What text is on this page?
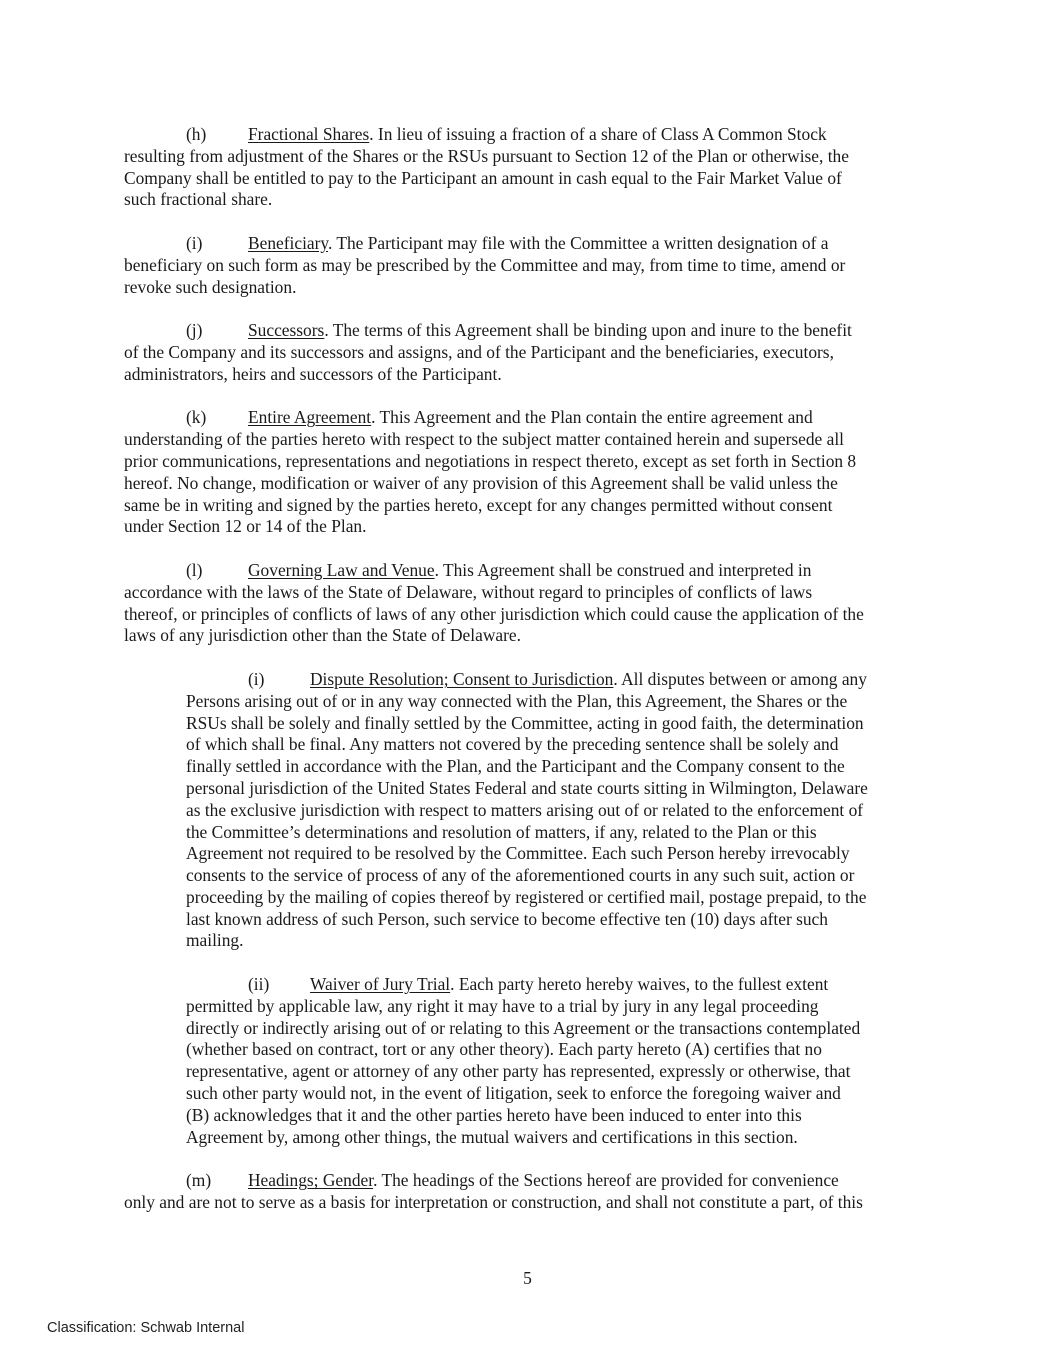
(h) Fractional Shares. In lieu of issuing a fraction of a share of Class A Common Stock
resulting from adjustment of the Shares or the RSUs pursuant to Section 12 of the Plan or otherwise, the
Company shall be entitled to pay to the Participant an amount in cash equal to the Fair Market Value of
such fractional share.

(i)	Beneficiary. The Participant may file with the Committee a written designation of a
beneficiary on such form as may be prescribed by the Committee and may, from time to time, amend or
revoke such designation.

(j)	Successors. The terms of this Agreement shall be binding upon and inure to the benefit
of the Company and its successors and assigns, and of the Participant and the beneficiaries, executors,
administrators, heirs and successors of the Participant.

(k) Entire Agreement. This Agreement and the Plan contain the entire agreement and
understanding of the parties hereto with respect to the subject matter contained herein and supersede all
prior communications, representations and negotiations in respect thereto, except as set forth in Section 8
hereof. No change, modification or waiver of any provision of this Agreement shall be valid unless the
same be in writing and signed by the parties hereto, except for any changes permitted without consent
under Section 12 or 14 of the Plan.

(l)	Governing Law and Venue. This Agreement shall be construed and interpreted in
accordance with the laws of the State of Delaware, without regard to principles of conflicts of laws
thereof, or principles of conflicts of laws of any other jurisdiction which could cause the application of the
laws of any jurisdiction other than the State of Delaware.

(i)	Dispute Resolution; Consent to Jurisdiction. All disputes between or among any
Persons arising out of or in any way connected with the Plan, this Agreement, the Shares or the
RSUs shall be solely and finally settled by the Committee, acting in good faith, the determination
of which shall be final. Any matters not covered by the preceding sentence shall be solely and
finally settled in accordance with the Plan, and the Participant and the Company consent to the
personal jurisdiction of the United States Federal and state courts sitting in Wilmington, Delaware
as the exclusive jurisdiction with respect to matters arising out of or related to the enforcement of
the Committee’s determinations and resolution of matters, if any, related to the Plan or this
Agreement not required to be resolved by the Committee. Each such Person hereby irrevocably
consents to the service of process of any of the aforementioned courts in any such suit, action or
proceeding by the mailing of copies thereof by registered or certified mail, postage prepaid, to the
last known address of such Person, such service to become effective ten (10) days after such
mailing.

(ii) Waiver of Jury Trial. Each party hereto hereby waives, to the fullest extent
permitted by applicable law, any right it may have to a trial by jury in any legal proceeding
directly or indirectly arising out of or relating to this Agreement or the transactions contemplated
(whether based on contract, tort or any other theory). Each party hereto (A) certifies that no
representative, agent or attorney of any other party has represented, expressly or otherwise, that
such other party would not, in the event of litigation, seek to enforce the foregoing waiver and
(B) acknowledges that it and the other parties hereto have been induced to enter into this
Agreement by, among other things, the mutual waivers and certifications in this section.

(m) Headings; Gender. The headings of the Sections hereof are provided for convenience
only and are not to serve as a basis for interpretation or construction, and shall not constitute a part, of this

5
Classification: Schwab Internal
